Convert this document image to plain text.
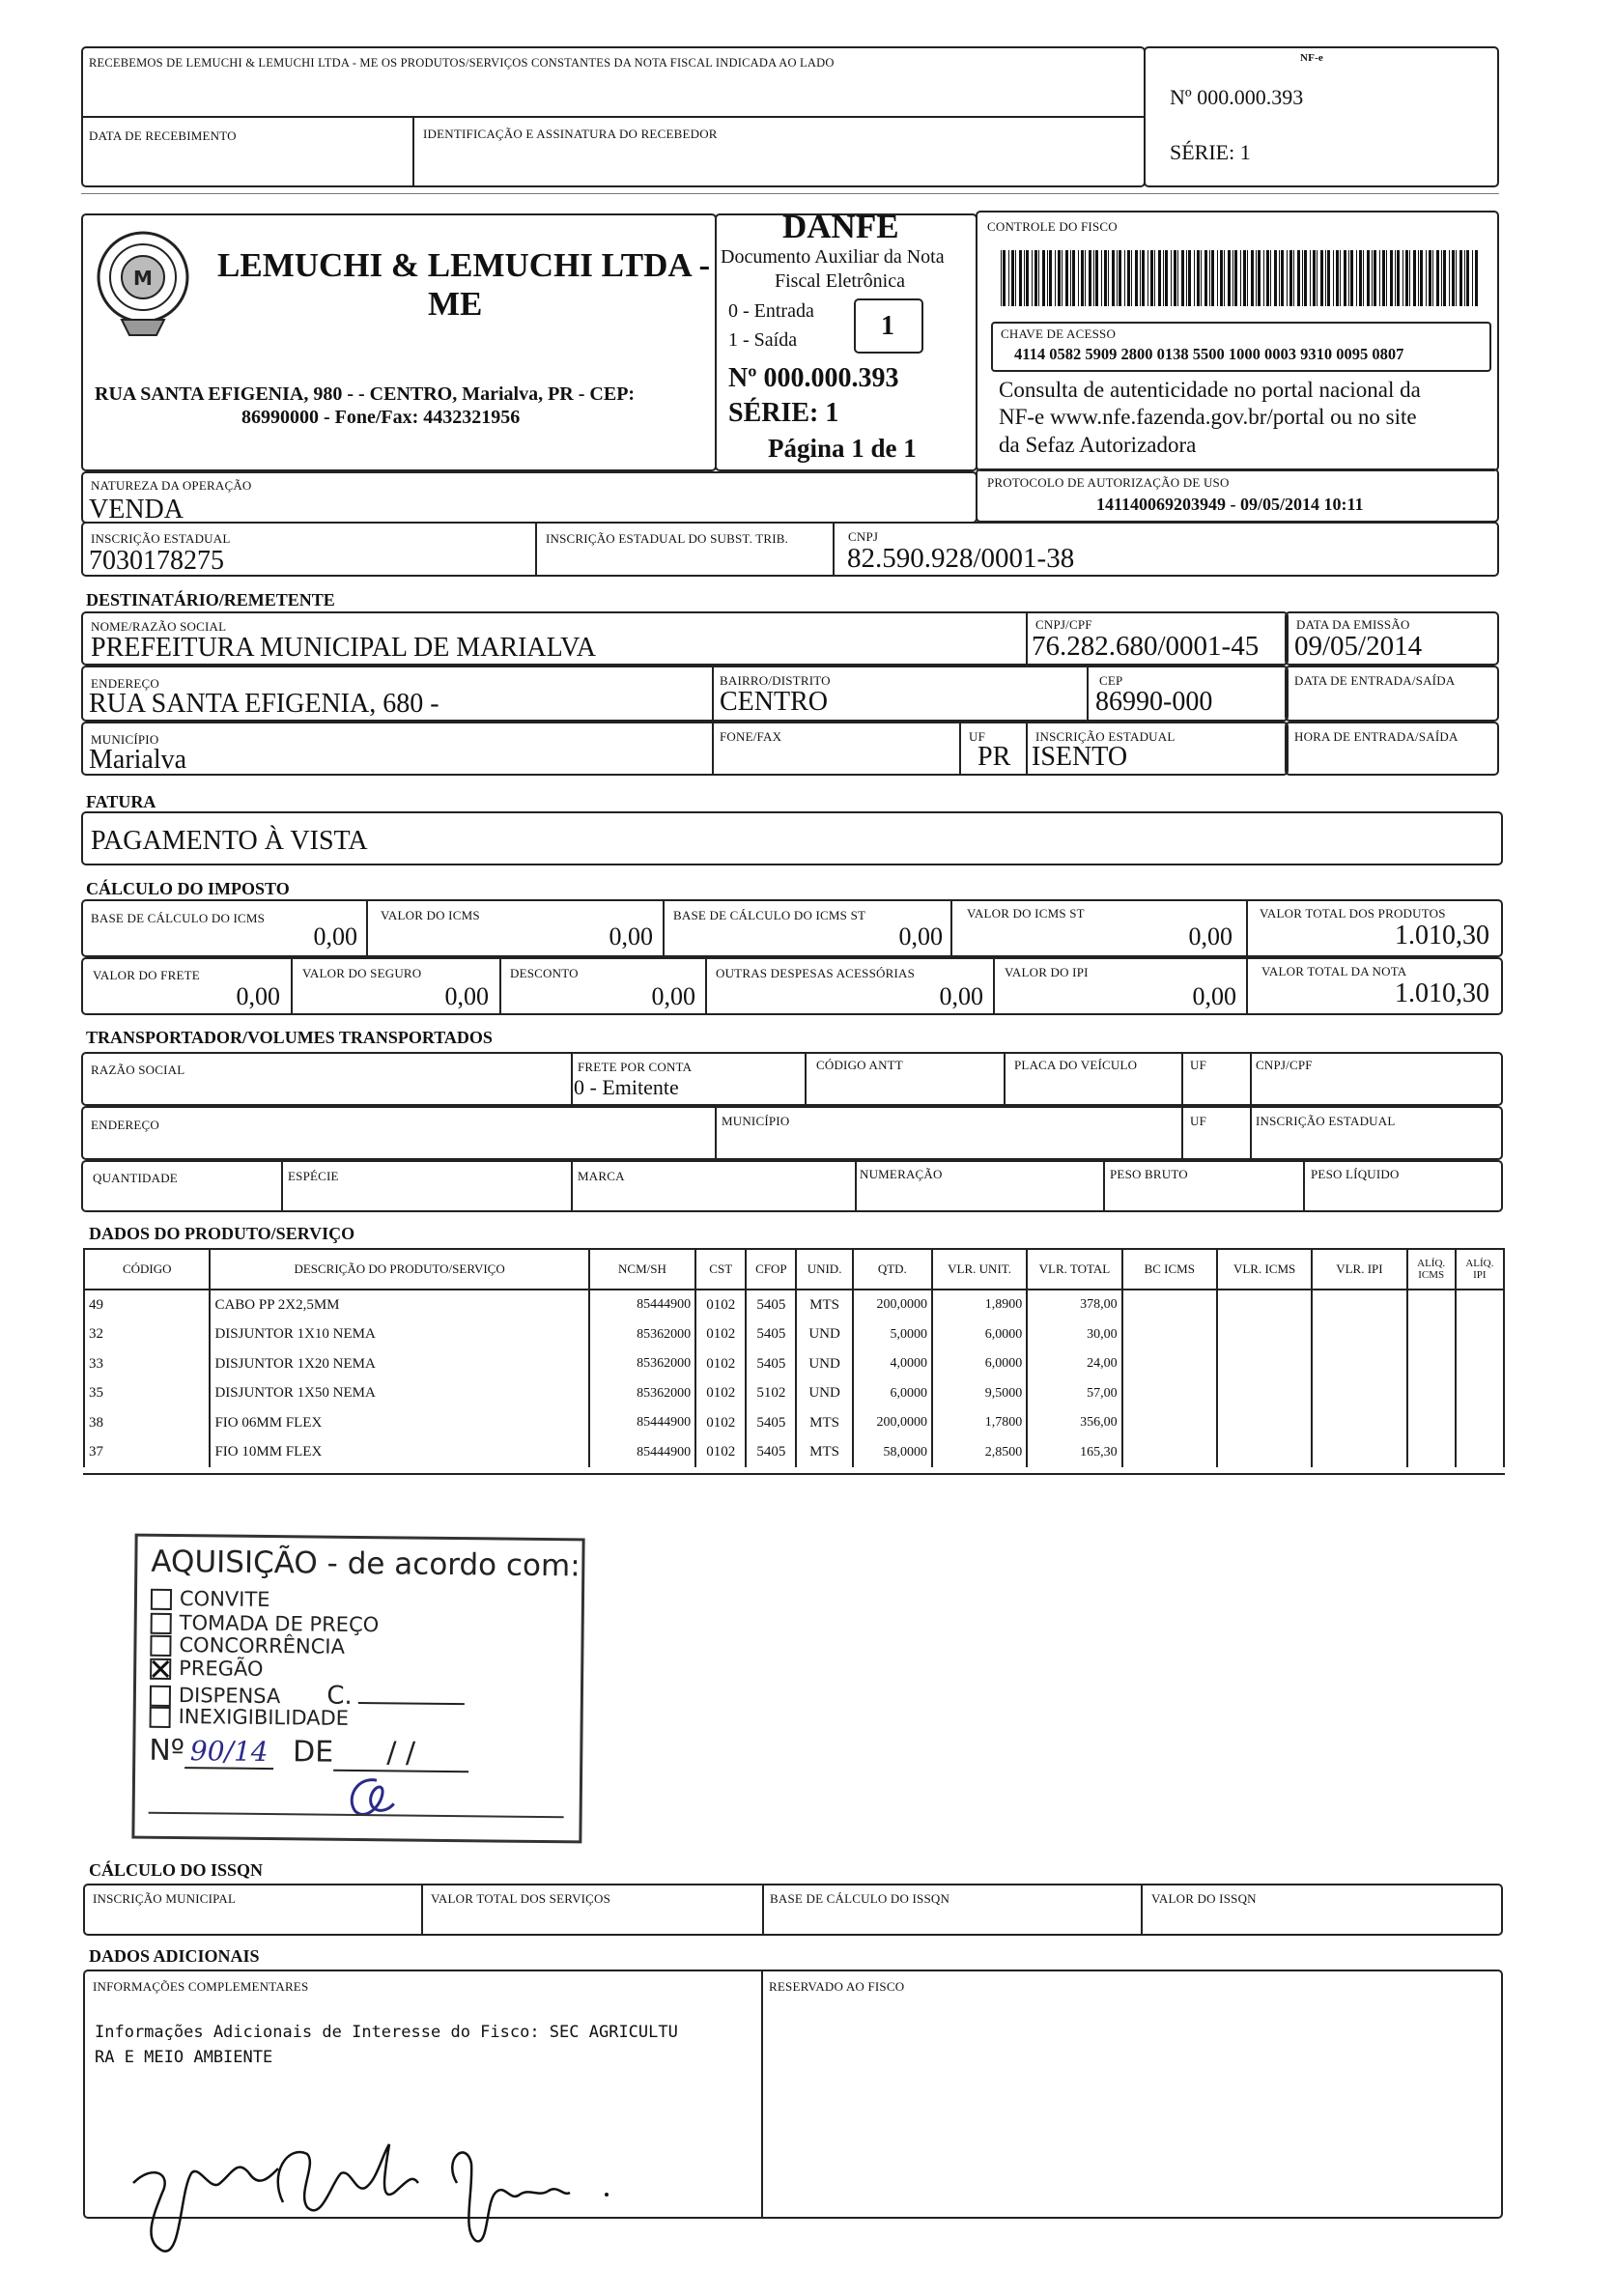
RECEBEMOS DE LEMUCHI & LEMUCHI LTDA - ME OS PRODUTOS/SERVIÇOS CONSTANTES DA NOTA FISCAL INDICADA AO LADO
DATA DE RECEBIMENTO	IDENTIFICAÇÃO E ASSINATURA DO RECEBEDOR
NF-e
Nº 000.000.393
SÉRIE: 1
M LEMUCHI & LEMUCHI LTDA -
ME
RUA SANTA EFIGENIA, 980 - - CENTRO, Marialva, PR - CEP:
86990000 - Fone/Fax: 4432321956
DANFE
Documento Auxiliar da Nota
Fiscal Eletrônica
0 - Entrada
1 - Saída	1
Nº 000.000.393
SÉRIE: 1
Página 1 de 1
CONTROLE DO FISCO
CHAVE DE ACESSO
4114 0582 5909 2800 0138 5500 1000 0003 9310 0095 0807
Consulta de autenticidade no portal nacional da
NF-e www.nfe.fazenda.gov.br/portal ou no site
da Sefaz Autorizadora
NATUREZA DA OPERAÇÃO
VENDA
PROTOCOLO DE AUTORIZAÇÃO DE USO
141140069203949 - 09/05/2014 10:11
INSCRIÇÃO ESTADUAL
7030178275
INSCRIÇÃO ESTADUAL DO SUBST. TRIB.	CNPJ
82.590.928/0001-38
DESTINATÁRIO/REMETENTE
NOME/RAZÃO SOCIAL
PREFEITURA MUNICIPAL DE MARIALVA
CNPJ/CPF
76.282.680/0001-45
DATA DA EMISSÃO
09/05/2014
ENDEREÇO
RUA SANTA EFIGENIA, 680 -
BAIRRO/DISTRITO
CENTRO
CEP
86990-000
DATA DE ENTRADA/SAÍDA
MUNICÍPIO
Marialva
FONE/FAX	UF
PR
INSCRIÇÃO ESTADUAL
ISENTO
HORA DE ENTRADA/SAÍDA
FATURA
PAGAMENTO À VISTA
CÁLCULO DO IMPOSTO
BASE DE CÁLCULO DO ICMS
0,00
VALOR DO ICMS
0,00
BASE DE CÁLCULO DO ICMS ST
0,00
VALOR DO ICMS ST
0,00
VALOR TOTAL DOS PRODUTOS
1.010,30
VALOR DO FRETE
0,00
VALOR DO SEGURO
0,00
DESCONTO
0,00
OUTRAS DESPESAS ACESSÓRIAS
0,00
VALOR DO IPI
0,00
VALOR TOTAL DA NOTA
1.010,30
TRANSPORTADOR/VOLUMES TRANSPORTADOS
RAZÃO SOCIAL	FRETE POR CONTA
0 - Emitente
CÓDIGO ANTT	PLACA DO VEÍCULO	UF	CNPJ/CPF
ENDEREÇO	MUNICÍPIO	UF	INSCRIÇÃO ESTADUAL
QUANTIDADE	ESPÉCIE	MARCA	NUMERAÇÃO	PESO BRUTO	PESO LÍQUIDO
DADOS DO PRODUTO/SERVIÇO
CÓDIGO	DESCRIÇÃO DO PRODUTO/SERVIÇO	NCM/SH	CST	CFOP	UNID.	QTD.	VLR. UNIT.	VLR. TOTAL	BC ICMS	VLR. ICMS	VLR. IPI	ALÍQ. ICMS	ALÍQ. IPI
49	CABO PP 2X2,5MM	85444900	0102	5405	MTS	200,0000	1,8900	378,00					
32	DISJUNTOR 1X10 NEMA	85362000	0102	5405	UND	5,0000	6,0000	30,00					
33	DISJUNTOR 1X20 NEMA	85362000	0102	5405	UND	4,0000	6,0000	24,00					
35	DISJUNTOR 1X50 NEMA	85362000	0102	5102	UND	6,0000	9,5000	57,00					
38	FIO 06MM FLEX	85444900	0102	5405	MTS	200,0000	1,7800	356,00					
37	FIO 10MM FLEX	85444900	0102	5405	MTS	58,0000	2,8500	165,30					
AQUISIÇÃO - de acordo com:
CONVITE
TOMADA DE PREÇO
CONCORRÊNCIA
PREGÃO
DISPENSA C.
INEXIGIBILIDADE
Nº 90/14 DE / /
CÁLCULO DO ISSQN
INSCRIÇÃO MUNICIPAL	VALOR TOTAL DOS SERVIÇOS	BASE DE CÁLCULO DO ISSQN	VALOR DO ISSQN
DADOS ADICIONAIS
INFORMAÇÕES COMPLEMENTARES
Informações Adicionais de Interesse do Fisco: SEC AGRICULTU
RA E MEIO AMBIENTE
RESERVADO AO FISCO
